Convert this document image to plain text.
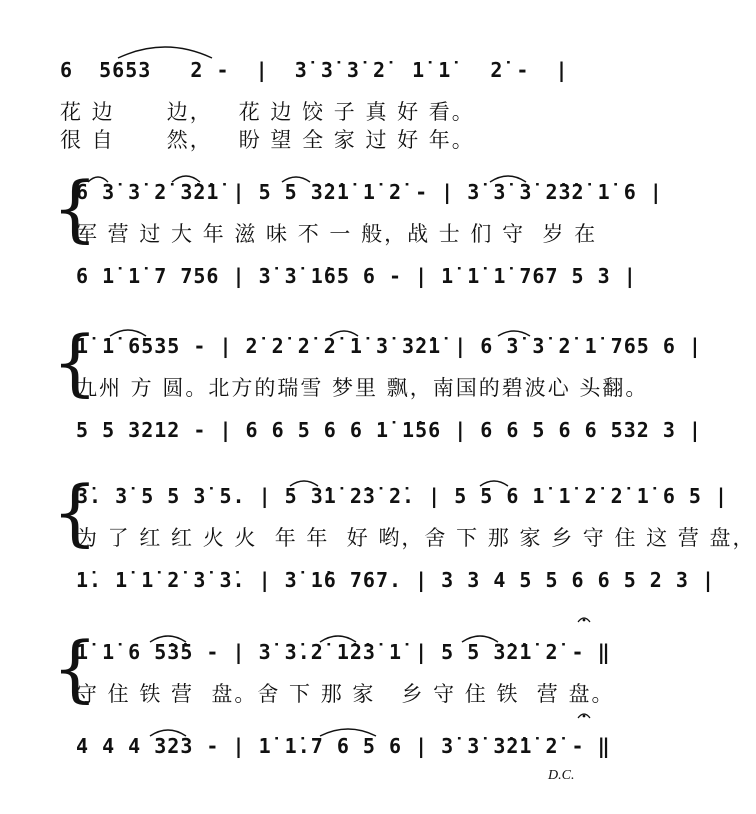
6  5653   2 -  |  3̇ 3̇ 3̇ 2̇  1̇ 1̇   2̇ -  |
花 边      边，   花 边 饺 子 真 好 看。
很 自      然，   盼 望 全 家 过 好 年。
{
6 3̇ 3̇ 2̇ 3̇2̇1̇ | 5 5 3̇2̇1̇ 1̇ 2̇ - | 3̇ 3̇ 3̇ 2̇3̇2̇ 1̇ 6 |
军 营 过 大 年 滋 味 不 一 般，战 士 们 守  岁 在
6 1̇ 1̇ 7 756 | 3̇ 3̇ 1̇65 6 - | 1̇ 1̇ 1̇ 767 5 3 |
{
1̇ 1̇ 6535 - | 2̇ 2̇ 2̇ 2̇ 1̇ 3̇ 3̇2̇1̇ | 6 3̇ 3̇ 2̇ 1̇ 765 6 |
九州 方 圆。北方的瑞雪 梦里 飘，南国的碧波心 头翻。
5 5 3212 - | 6 6 5 6 6 1̇ 1̇56 | 6 6 5 6 6 532 3 |
{
3̇. 3̇ 5 5 3̇ 5. | 5 3̇1̇ 2̇3̇ 2̇. | 5 5 6 1̇ 1̇ 2̇ 2̇ 1̇ 6 5 |
为 了 红 红 火 火  年 年  好 哟，舍 下 那 家 乡 守 住 这 营 盘，
1̇. 1̇ 1̇ 2̇ 3̇ 3̇. | 3̇ 1̇6 767. | 3 3 4 5 5 6 6 5 2 3 |
{
1̇ 1̇ 6 5̇3̇5 - | 3̇ 3̇.2̇ 1̇2̇3̇ 1̇ | 5 5 3̇2̇1̇ 2̇ - ‖
守 住 铁 营  盘。舍 下 那 家   乡 守 住 铁  营 盘。
4 4 4 323 - | 1̇ 1̇.7 6 5 6 | 3̇ 3̇ 3̇2̇1̇ 2̇ - ‖
D.C.
